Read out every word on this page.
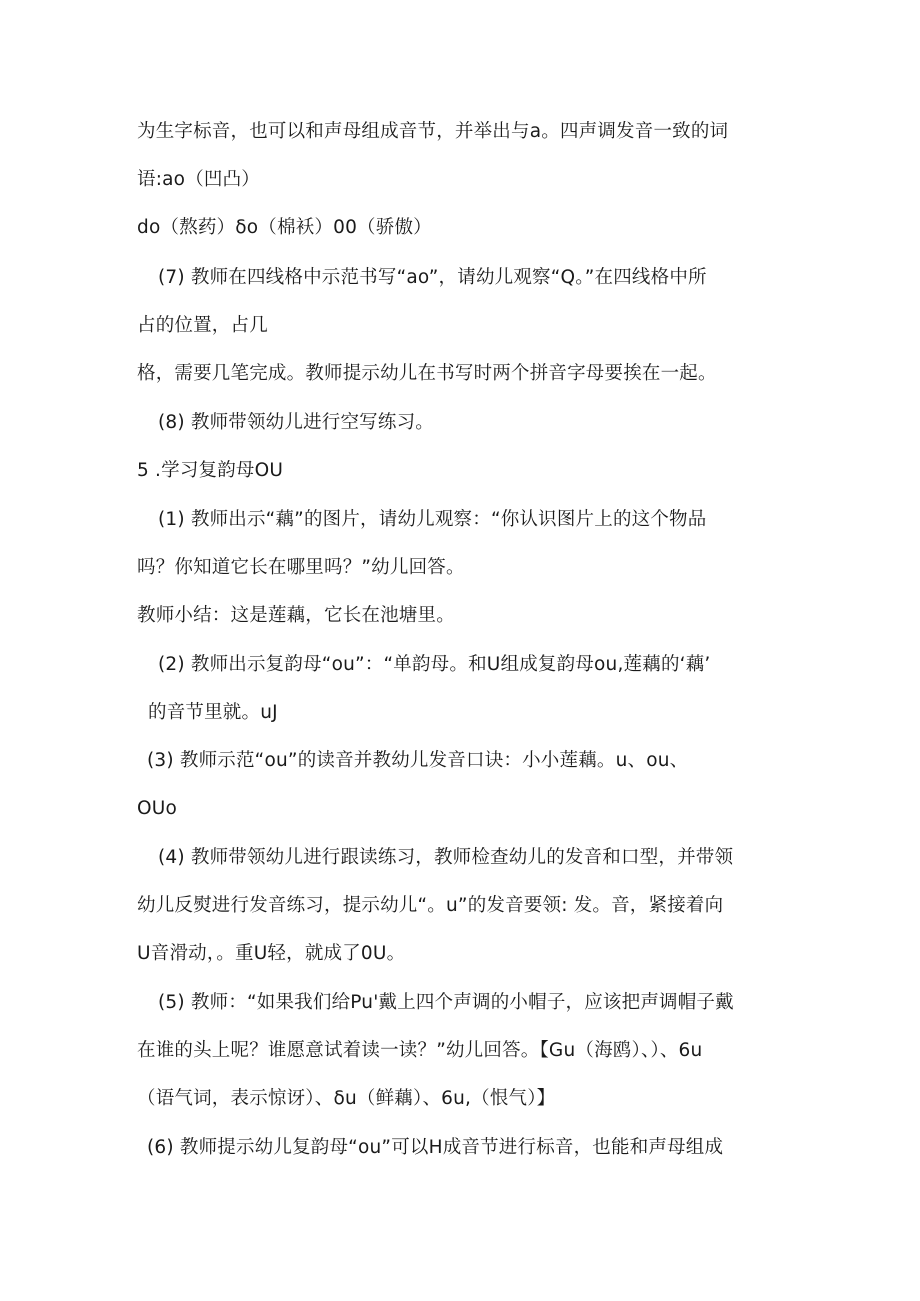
为生字标音，也可以和声母组成音节，并举出与a。四声调发音一致的词
语:ao（凹凸）
do（熬药）δo（棉袄）00（骄傲）
(7) 教师在四线格中示范书写“ao”，请幼儿观察“Q。”在四线格中所
占的位置，占几
格，需要几笔完成。教师提示幼儿在书写时两个拼音字母要挨在一起。
(8) 教师带领幼儿进行空写练习。
5 .学习复韵母OU
(1) 教师出示“藕”的图片，请幼儿观察：“你认识图片上的这个物品
吗？你知道它长在哪里吗？”幼儿回答。
教师小结：这是莲藕，它长在池塘里。
(2) 教师出示复韵母“ou”：“单韵母。和U组成复韵母ou,莲藕的‘藕’
的音节里就。uJ
(3) 教师示范“ou”的读音并教幼儿发音口诀：小小莲藕。u、ou、
OUo
(4) 教师带领幼儿进行跟读练习，教师检查幼儿的发音和口型，并带领
幼儿反熨进行发音练习，提示幼儿“。u”的发音要领: 发。音，紧接着向
U音滑动，。重U轻，就成了0U。
(5) 教师：“如果我们给Pu'戴上四个声调的小帽子，应该把声调帽子戴
在谁的头上呢？谁愿意试着读一读？”幼儿回答。【Gu（海鸥）、）、6u
（语气词，表示惊讶）、δu（鲜藕）、6u,（恨气）】
(6) 教师提示幼儿复韵母“ou”可以H成音节进行标音，也能和声母组成
